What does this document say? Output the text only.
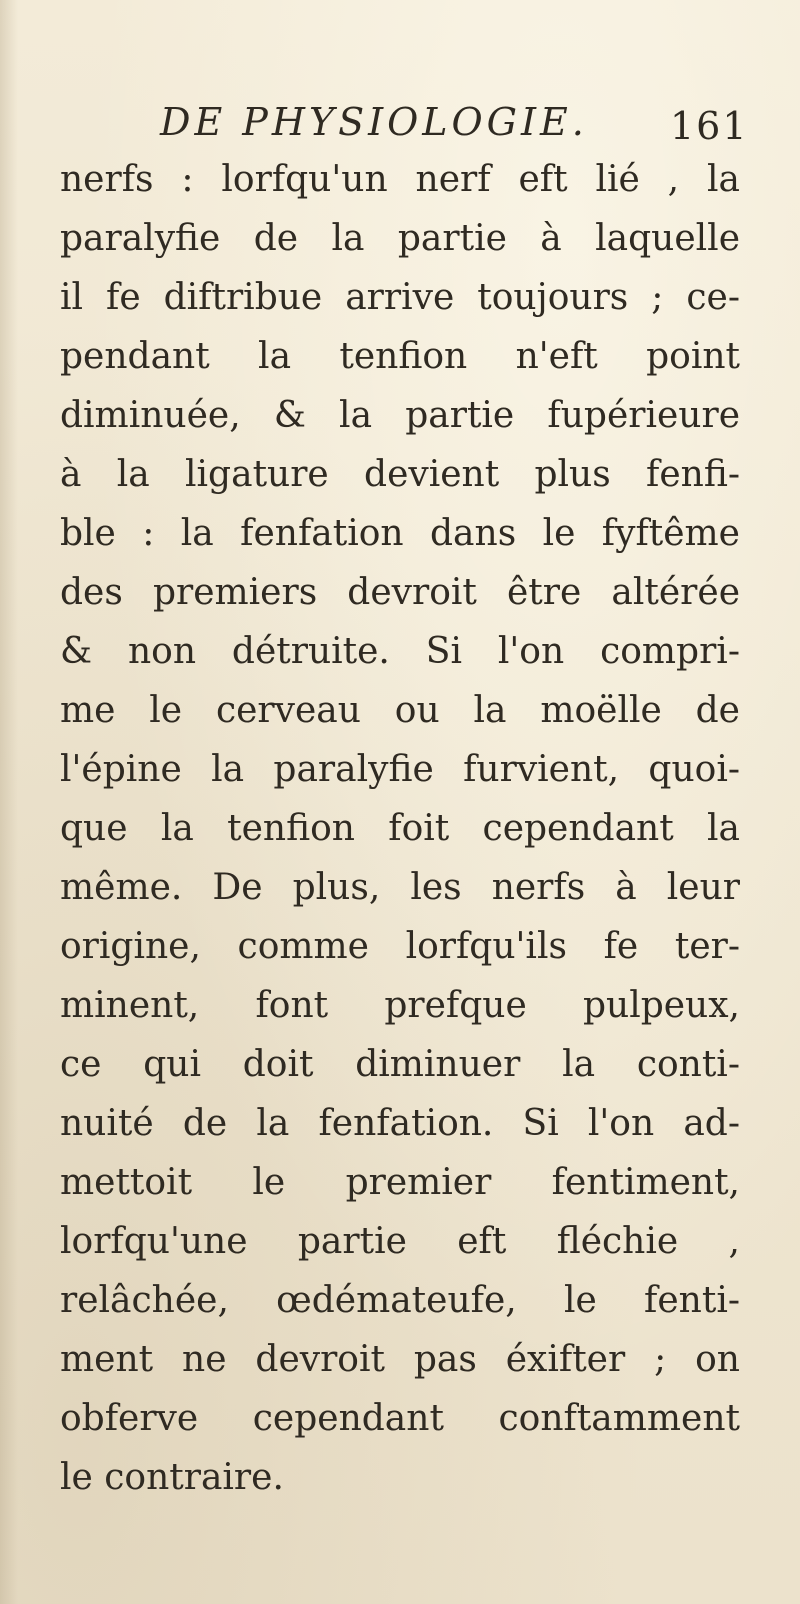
DE PHYSIOLOGIE. 161
nerfs : lorfqu'un nerf eft lié , la
paralyfie de la partie à laquelle
il fe diftribue arrive toujours ; ce-
pendant la tenfion n'eft point
diminuée, & la partie fupérieure
à la ligature devient plus fenfi-
ble : la fenfation dans le fyftême
des premiers devroit être altérée
& non détruite. Si l'on compri-
me le cerveau ou la moëlle de
l'épine la paralyfie furvient, quoi-
que la tenfion foit cependant la
même. De plus, les nerfs à leur
origine, comme lorfqu'ils fe ter-
minent, font prefque pulpeux,
ce qui doit diminuer la conti-
nuité de la fenfation. Si l'on ad-
mettoit le premier fentiment,
lorfqu'une partie eft fléchie ,
relâchée, œdémateufe, le fenti-
ment ne devroit pas éxifter ; on
obferve cependant conftamment
le contraire.
